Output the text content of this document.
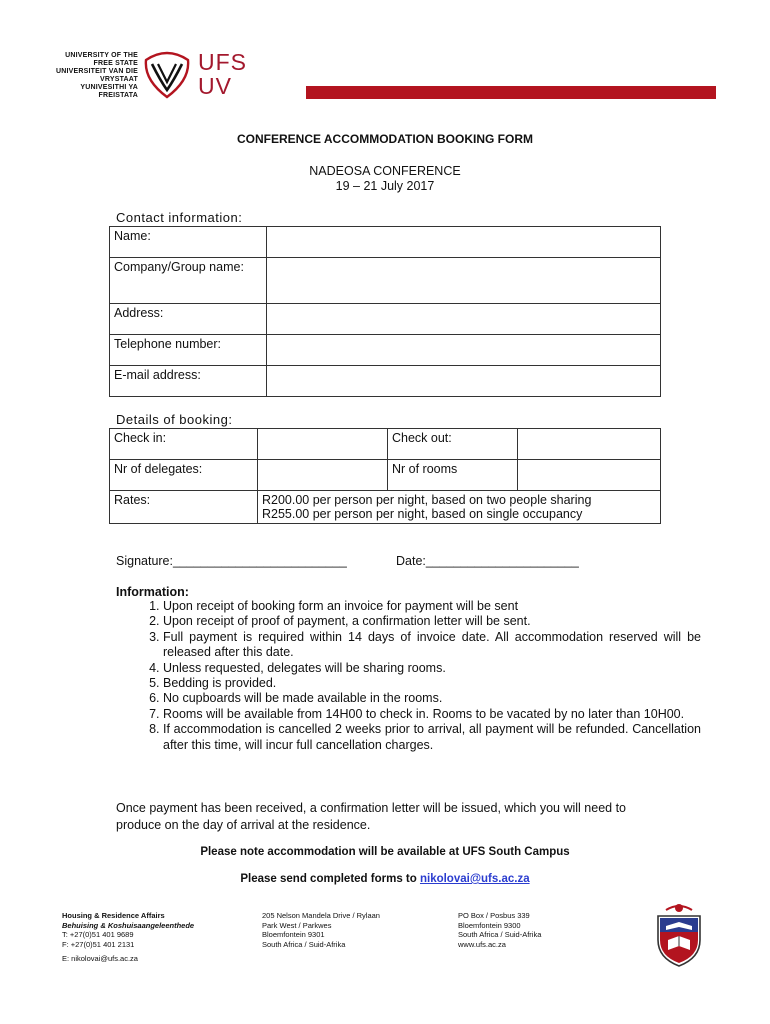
UNIVERSITY OF THE
FREE STATE
UNIVERSITEIT VAN DIE
VRYSTAAT
YUNIVESITHI YA
FREISTATA
UFS
UV
CONFERENCE ACCOMMODATION BOOKING FORM
NADEOSA CONFERENCE
19 – 21 July 2017
Contact information:
Name:	
Company/Group name:	
Address:	
Telephone number:	
E-mail address:	
Details of booking:
Check in:		Check out:	
Nr of delegates:		Nr of rooms	
Rates:	R200.00 per person per night, based on two people sharing
R255.00 per person per night, based on single occupancy		
Signature:_________________________	Date:______________________
Information:
1. Upon receipt of booking form an invoice for payment will be sent
2. Upon receipt of proof of payment, a confirmation letter will be sent.
3. Full payment is required within 14 days of invoice date. All accommodation reserved will be released after this date.
4. Unless requested, delegates will be sharing rooms.
5. Bedding is provided.
6. No cupboards will be made available in the rooms.
7. Rooms will be available from 14H00 to check in. Rooms to be vacated by no later than 10H00.
8. If accommodation is cancelled 2 weeks prior to arrival, all payment will be refunded. Cancellation after this time, will incur full cancellation charges.
Once payment has been received, a confirmation letter will be issued, which you will need to produce on the day of arrival at the residence.
Please note accommodation will be available at UFS South Campus
Please send completed forms to nikolovai@ufs.ac.za
Housing & Residence Affairs
Behuising & Koshuisaangeleenthede
T: +27(0)51 401 9689
F: +27(0)51 401 2131
E: nikolovai@ufs.ac.za
205 Nelson Mandela Drive / Rylaan
Park West / Parkwes
Bloemfontein 9301
South Africa / Suid-Afrika
PO Box / Posbus 339
Bloemfontein 9300
South Africa / Suid-Afrika
www.ufs.ac.za
